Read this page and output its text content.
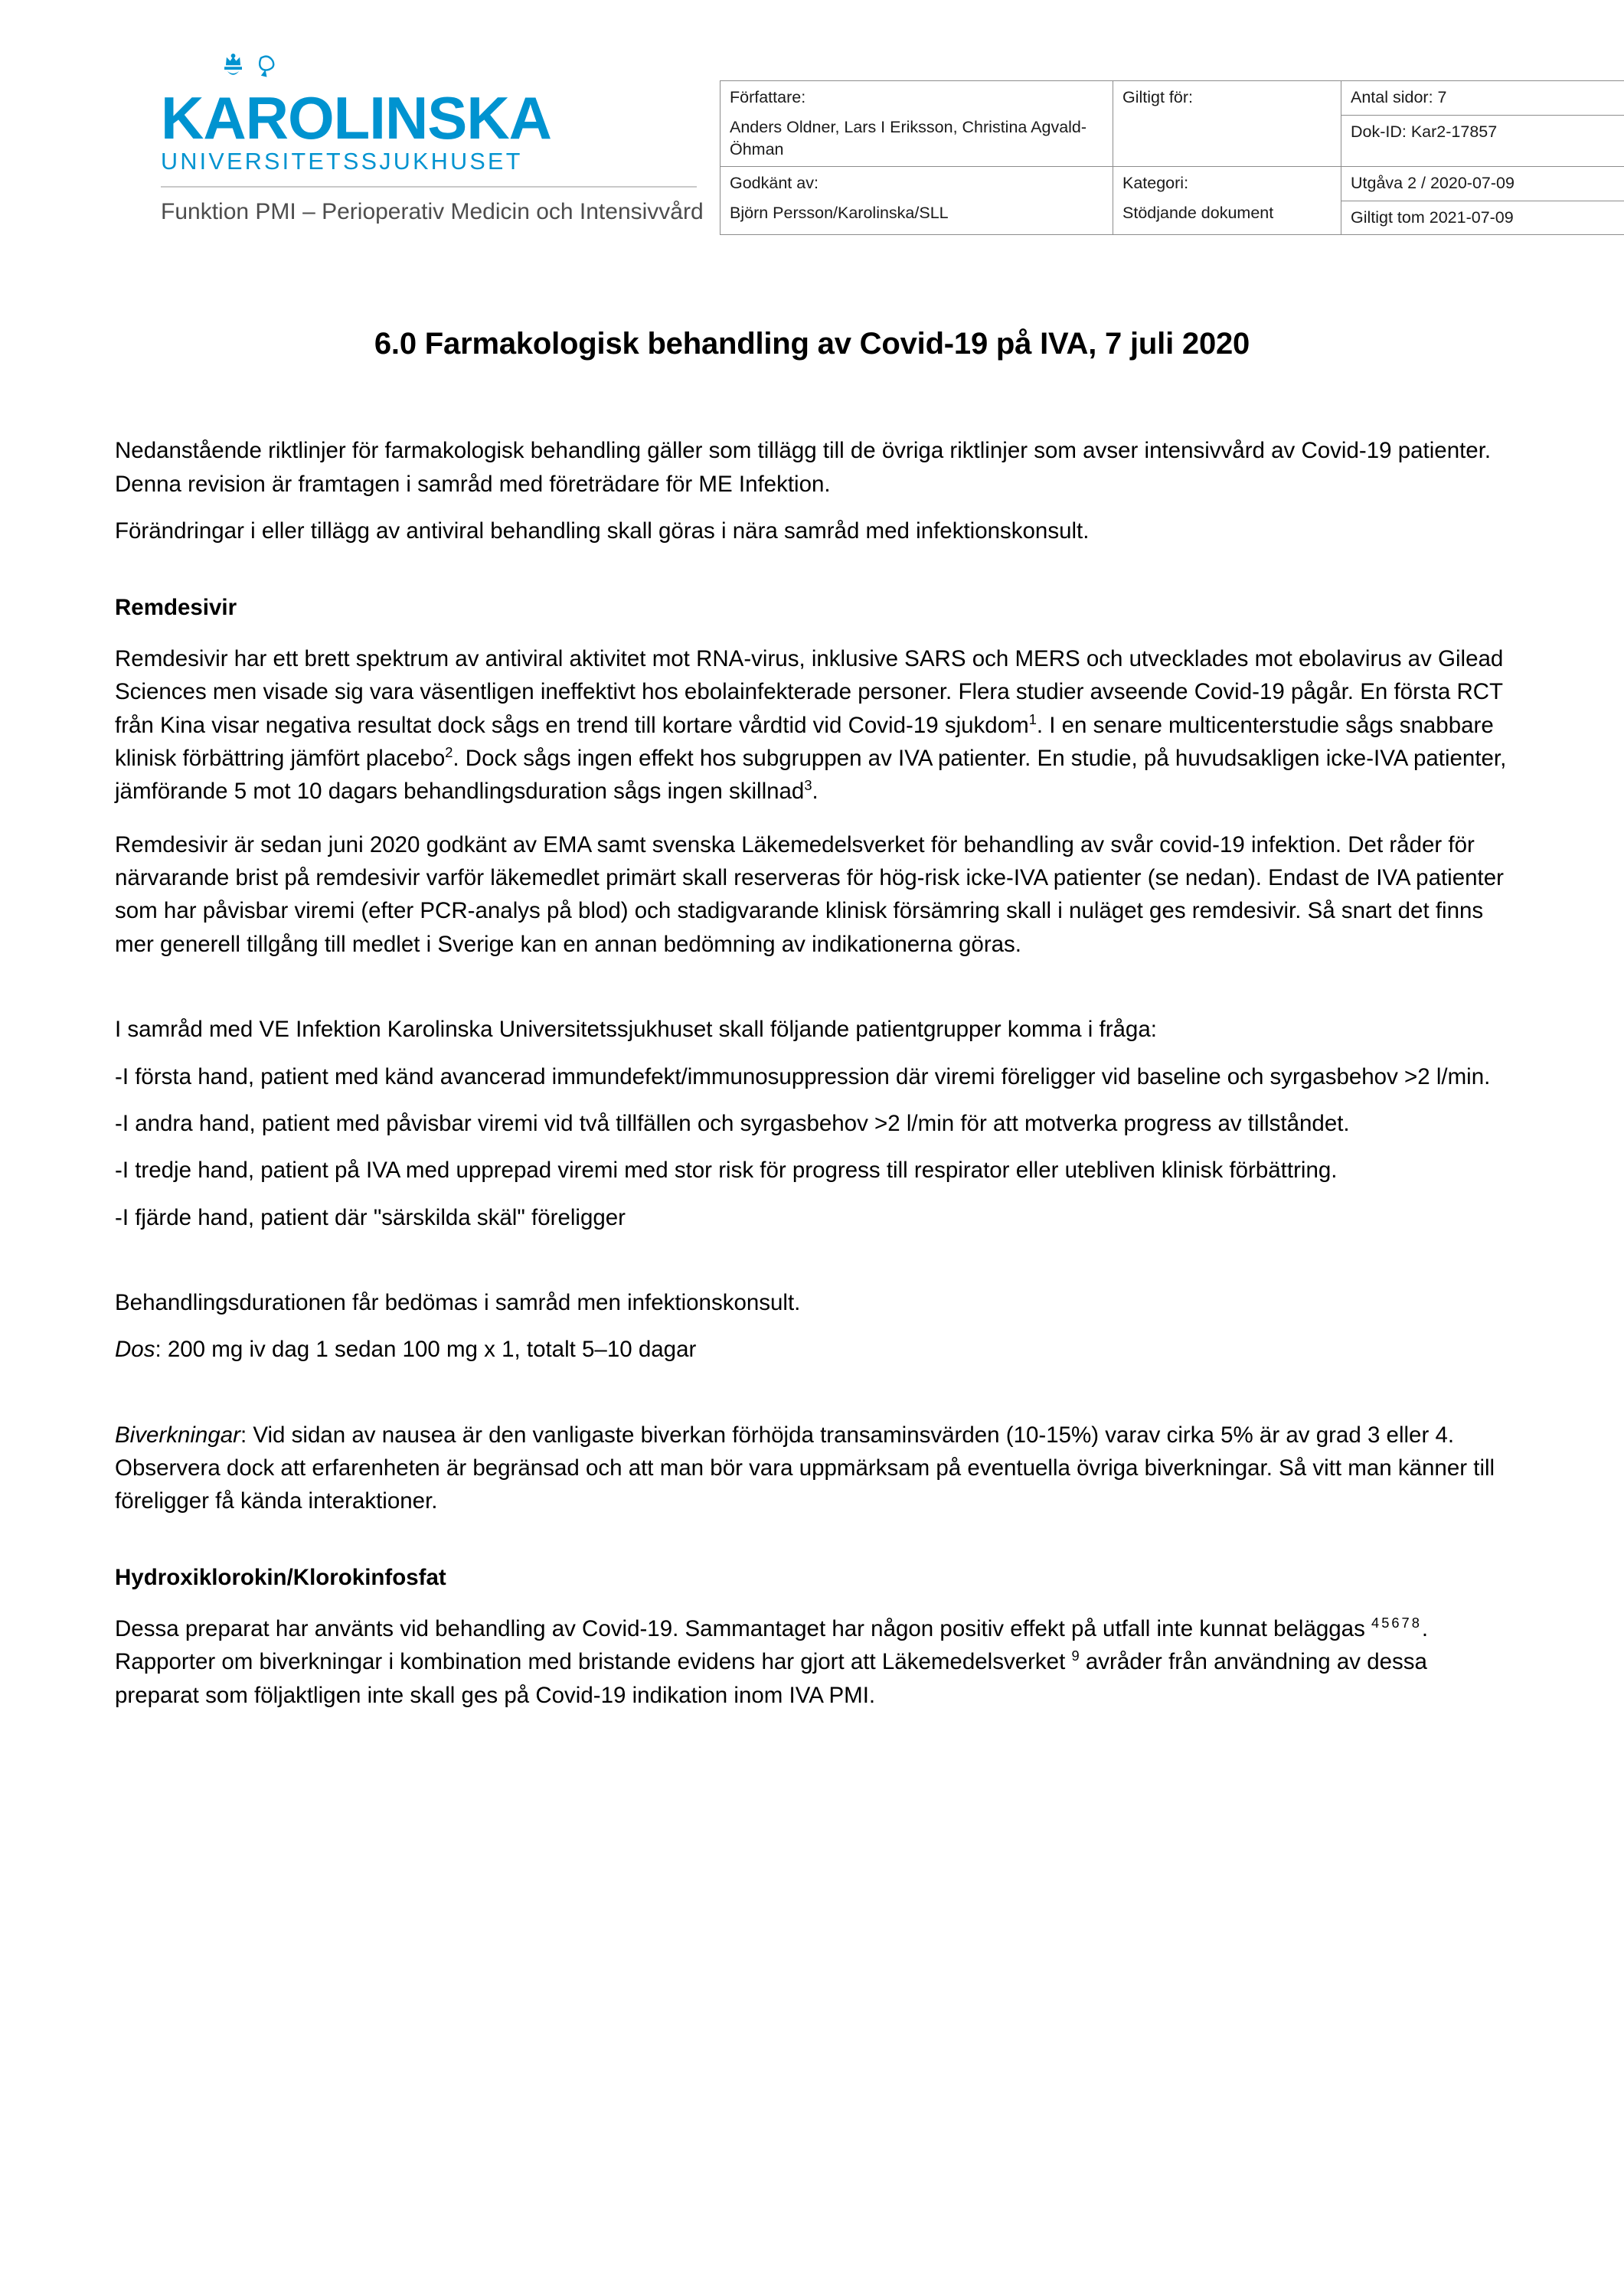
KAROLINSKA
UNIVERSITETSSJUKHUSET
Funktion PMI – Perioperativ Medicin och Intensivvård
Författare:	Giltigt för:	Antal sidor: 7
Anders Oldner, Lars I Eriksson, Christina Agvald-Öhman		Dok-ID: Kar2-17857
Godkänt av:	Kategori:	Utgåva 2 / 2020-07-09
Björn Persson/Karolinska/SLL	Stödjande dokument	Giltigt tom 2021-07-09
6.0 Farmakologisk behandling av Covid-19 på IVA, 7 juli 2020

Nedanstående riktlinjer för farmakologisk behandling gäller som tillägg till de övriga riktlinjer som avser intensivvård av Covid-19 patienter. Denna revision är framtagen i samråd med företrädare för ME Infektion.

Förändringar i eller tillägg av antiviral behandling skall göras i nära samråd med infektionskonsult.

Remdesivir

Remdesivir har ett brett spektrum av antiviral aktivitet mot RNA-virus, inklusive SARS och MERS och utvecklades mot ebolavirus av Gilead Sciences men visade sig vara väsentligen ineffektivt hos ebolainfekterade personer. Flera studier avseende Covid-19 pågår. En första RCT från Kina visar negativa resultat dock sågs en trend till kortare vårdtid vid Covid-19 sjukdom$^1$. I en senare multicenterstudie sågs snabbare klinisk förbättring jämfört placebo$^2$. Dock sågs ingen effekt hos subgruppen av IVA patienter. En studie, på huvudsakligen icke-IVA patienter, jämförande 5 mot 10 dagars behandlingsduration sågs ingen skillnad$^3$.

Remdesivir är sedan juni 2020 godkänt av EMA samt svenska Läkemedelsverket för behandling av svår covid-19 infektion. Det råder för närvarande brist på remdesivir varför läkemedlet primärt skall reserveras för hög-risk icke-IVA patienter (se nedan). Endast de IVA patienter som har påvisbar viremi (efter PCR-analys på blod) och stadigvarande klinisk försämring skall i nuläget ges remdesivir. Så snart det finns mer generell tillgång till medlet i Sverige kan en annan bedömning av indikationerna göras.

I samråd med VE Infektion Karolinska Universitetssjukhuset skall följande patientgrupper komma i fråga:

-I första hand, patient med känd avancerad immundefekt/immunosuppression där viremi föreligger vid baseline och syrgasbehov >2 l/min.

-I andra hand, patient med påvisbar viremi vid två tillfällen och syrgasbehov >2 l/min för att motverka progress av tillståndet.

-I tredje hand, patient på IVA med upprepad viremi med stor risk för progress till respirator eller utebliven klinisk förbättring.

-I fjärde hand, patient där "särskilda skäl" föreligger

Behandlingsdurationen får bedömas i samråd men infektionskonsult.

Dos: 200 mg iv dag 1 sedan 100 mg x 1, totalt 5–10 dagar

Biverkningar: Vid sidan av nausea är den vanligaste biverkan förhöjda transaminsvärden (10-15%) varav cirka 5% är av grad 3 eller 4. Observera dock att erfarenheten är begränsad och att man bör vara uppmärksam på eventuella övriga biverkningar. Så vitt man känner till föreligger få kända interaktioner.

Hydroxiklorokin/Klorokinfosfat

Dessa preparat har använts vid behandling av Covid-19. Sammantaget har någon positiv effekt på utfall inte kunnat beläggas $^4$ $^5$ $^6$ $^7$ $^8$ . Rapporter om biverkningar i kombination med bristande evidens har gjort att Läkemedelsverket $^9$ avråder från användning av dessa preparat som följaktligen inte skall ges på Covid-19 indikation inom IVA PMI.
